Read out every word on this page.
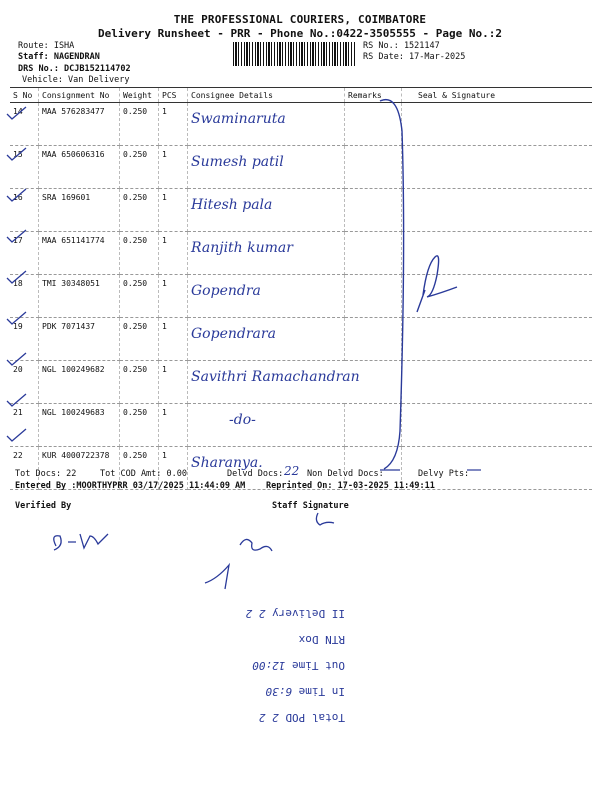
THE PROFESSIONAL COURIERS, COIMBATORE
Delivery Runsheet - PRR - Phone No.:0422-3505555 - Page No.:2
Route: ISHA
Staff: NAGENDRAN
DRS No.: DCJB152114702
Vehicle: Van Delivery
RS No.: 1521147
RS Date: 17-Mar-2025
S No	Consignment No	Weight	PCS	Consignee Details	Remarks	Seal & Signature
14	MAA 576283477	0.250	1	Swaminaruta		

15	MAA 650606316	0.250	1	Sumesh patil		

16	SRA 169601	0.250	1	Hitesh pala		

17	MAA 651141774	0.250	1	Ranjith kumar		

18	TMI 30348051	0.250	1	Gopendra		

19	PDK 7071437	0.250	1	Gopendrara		

20	NGL 100249682	0.250	1	Savithri Ramachandran		

21	NGL 100249683	0.250	1	-do-		

22	KUR 4000722378	0.250	1	Sharanya.		

Tot Docs: 22	Tot COD Amt: 0.00	Delvd Docs: 22 Non Delvd Docs:	Delvy Pts:
Entered By :MOORTHYPRR 03/17/2025 11:44:09 AM Reprinted On: 17-03-2025 11:49:11
Verified By	Staff Signature
Total POD 2 2
In Time 6:30
Out Time 12:00
RTN Dox
II Delivery 2 2
